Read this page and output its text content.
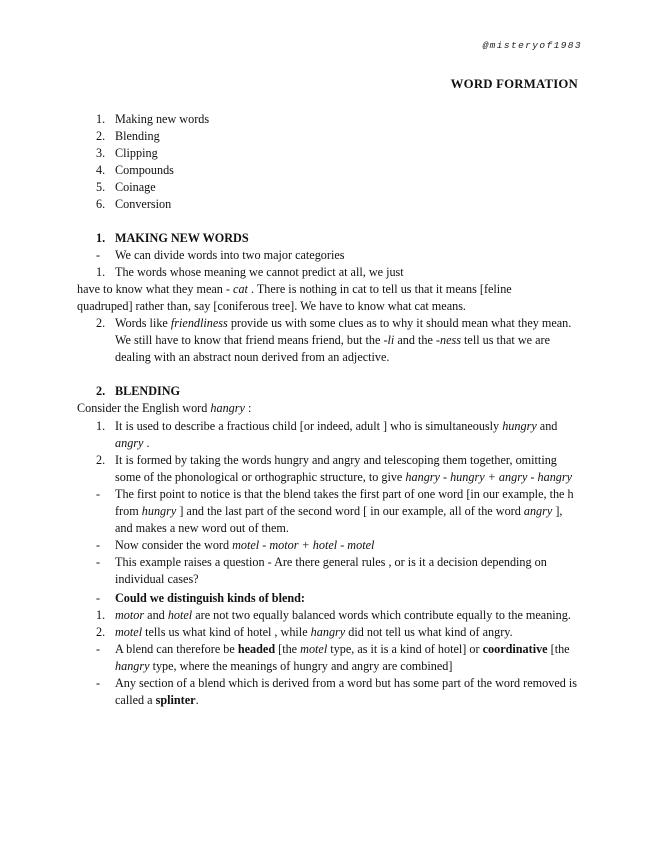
@misteryof1983
WORD FORMATION
1. Making new words
2. Blending
3. Clipping
4. Compounds
5. Coinage
6. Conversion
1. MAKING NEW WORDS
- We can divide words into two major categories
1. The words whose meaning we cannot predict at all, we just
have to know what they mean - cat . There is nothing in cat to tell us that it means [feline
quadruped] rather than, say [coniferous tree]. We have to know what cat means.
2. Words like friendliness provide us with some clues as to why it should mean what they mean. We still have to know that friend means friend, but the -li and the -ness tell us that we are dealing with an abstract noun derived from an adjective.
2. BLENDING
Consider the English word hangry :
1. It is used to describe a fractious child [or indeed, adult ] who is simultaneously hungry and angry .
2. It is formed by taking the words hungry and angry and telescoping them together, omitting some of the phonological or orthographic structure, to give hangry - hungry + angry - hangry
- The first point to notice is that the blend takes the first part of one word [in our example, the h from hungry ] and the last part of the second word [ in our example, all of the word angry ], and makes a new word out of them.
- Now consider the word motel - motor + hotel - motel
- This example raises a question - Are there general rules , or is it a decision depending on individual cases?
- Could we distinguish kinds of blend:
1. motor and hotel are not two equally balanced words which contribute equally to the meaning.
2. motel tells us what kind of hotel , while hangry did not tell us what kind of angry.
- A blend can therefore be headed [the motel type, as it is a kind of hotel] or coordinative [the hangry type, where the meanings of hungry and angry are combined]
- Any section of a blend which is derived from a word but has some part of the word removed is called a splinter.
